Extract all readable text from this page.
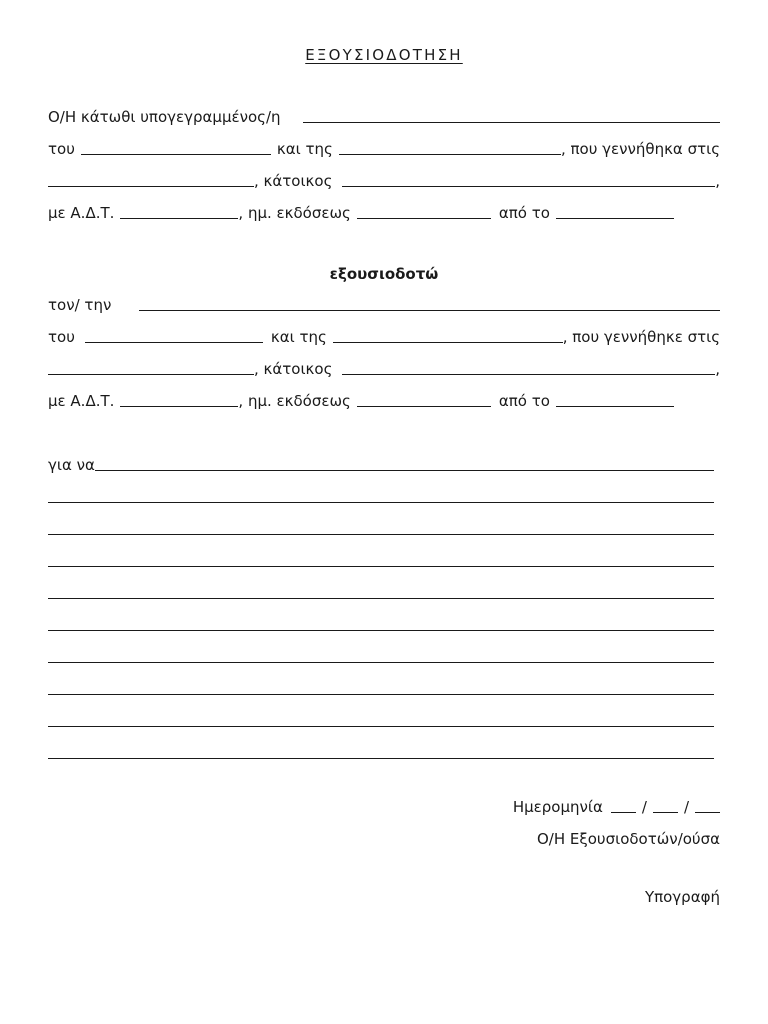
ΕΞΟΥΣΙΟΔΟΤΗΣΗ
Ο/Η κάτωθι υπογεγραμμένος/η
του	και της	, που γεννήθηκα στις
, κάτοικος	,
με Α.Δ.Τ.	, ημ. εκδόσεως	από το
εξουσιοδοτώ
τον/ την
του	και της	, που γεννήθηκε στις
, κάτοικος	,
με Α.Δ.Τ.	, ημ. εκδόσεως	από το
για να
Ημερομηνία	/	/
Ο/Η Εξουσιοδοτών/ούσα
Υπογραφή
